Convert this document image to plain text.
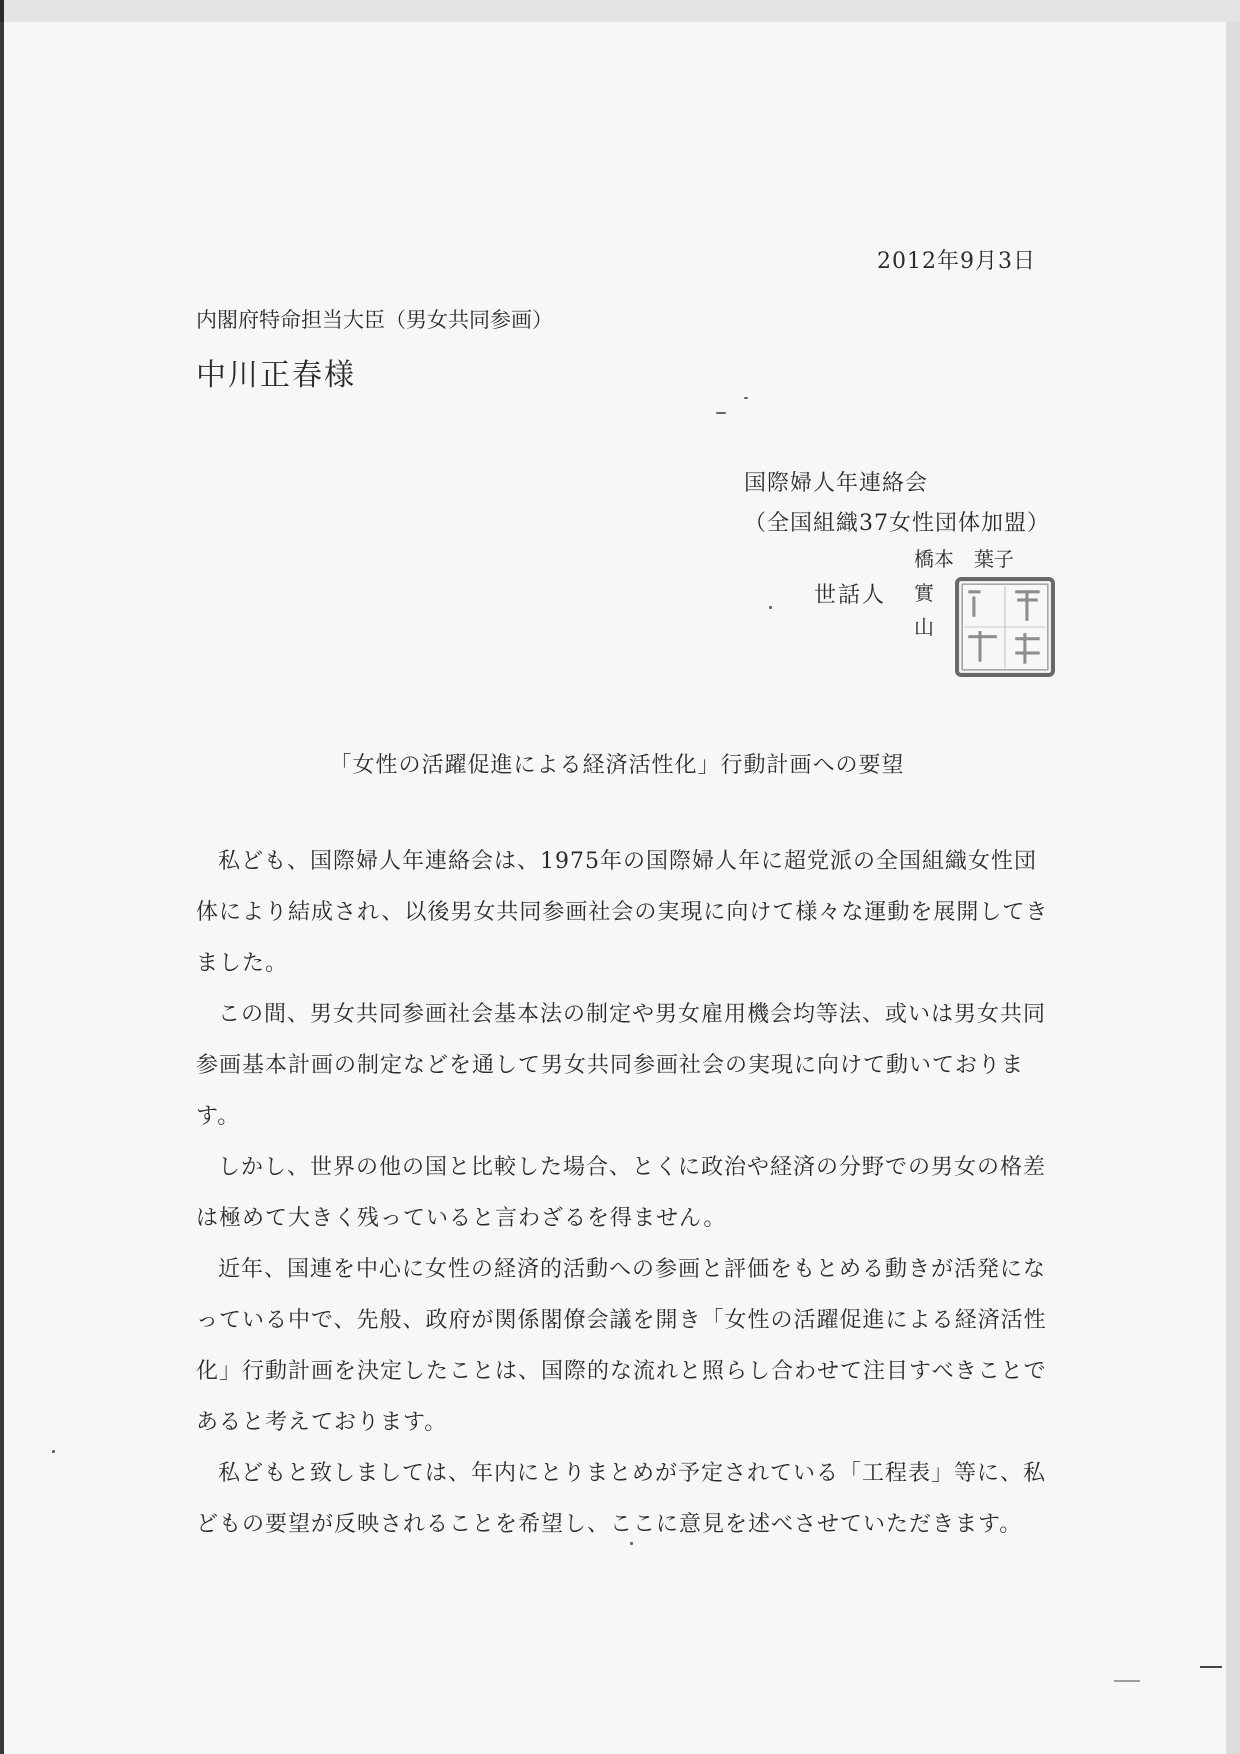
2012年9月3日
内閣府特命担当大臣（男女共同参画）
中川正春様
国際婦人年連絡会
（全国組織37女性団体加盟）
世話人
橋本　葉子
實
山
「女性の活躍促進による経済活性化」行動計画への要望

私ども、国際婦人年連絡会は、1975年の国際婦人年に超党派の全国組織女性団体により結成され、以後男女共同参画社会の実現に向けて様々な運動を展開してきました。

この間、男女共同参画社会基本法の制定や男女雇用機会均等法、或いは男女共同参画基本計画の制定などを通して男女共同参画社会の実現に向けて動いております。

しかし、世界の他の国と比較した場合、とくに政治や経済の分野での男女の格差は極めて大きく残っていると言わざるを得ません。

近年、国連を中心に女性の経済的活動への参画と評価をもとめる動きが活発になっている中で、先般、政府が関係閣僚会議を開き「女性の活躍促進による経済活性化」行動計画を決定したことは、国際的な流れと照らし合わせて注目すべきことであると考えております。

私どもと致しましては、年内にとりまとめが予定されている「工程表」等に、私どもの要望が反映されることを希望し、ここに意見を述べさせていただきます。
